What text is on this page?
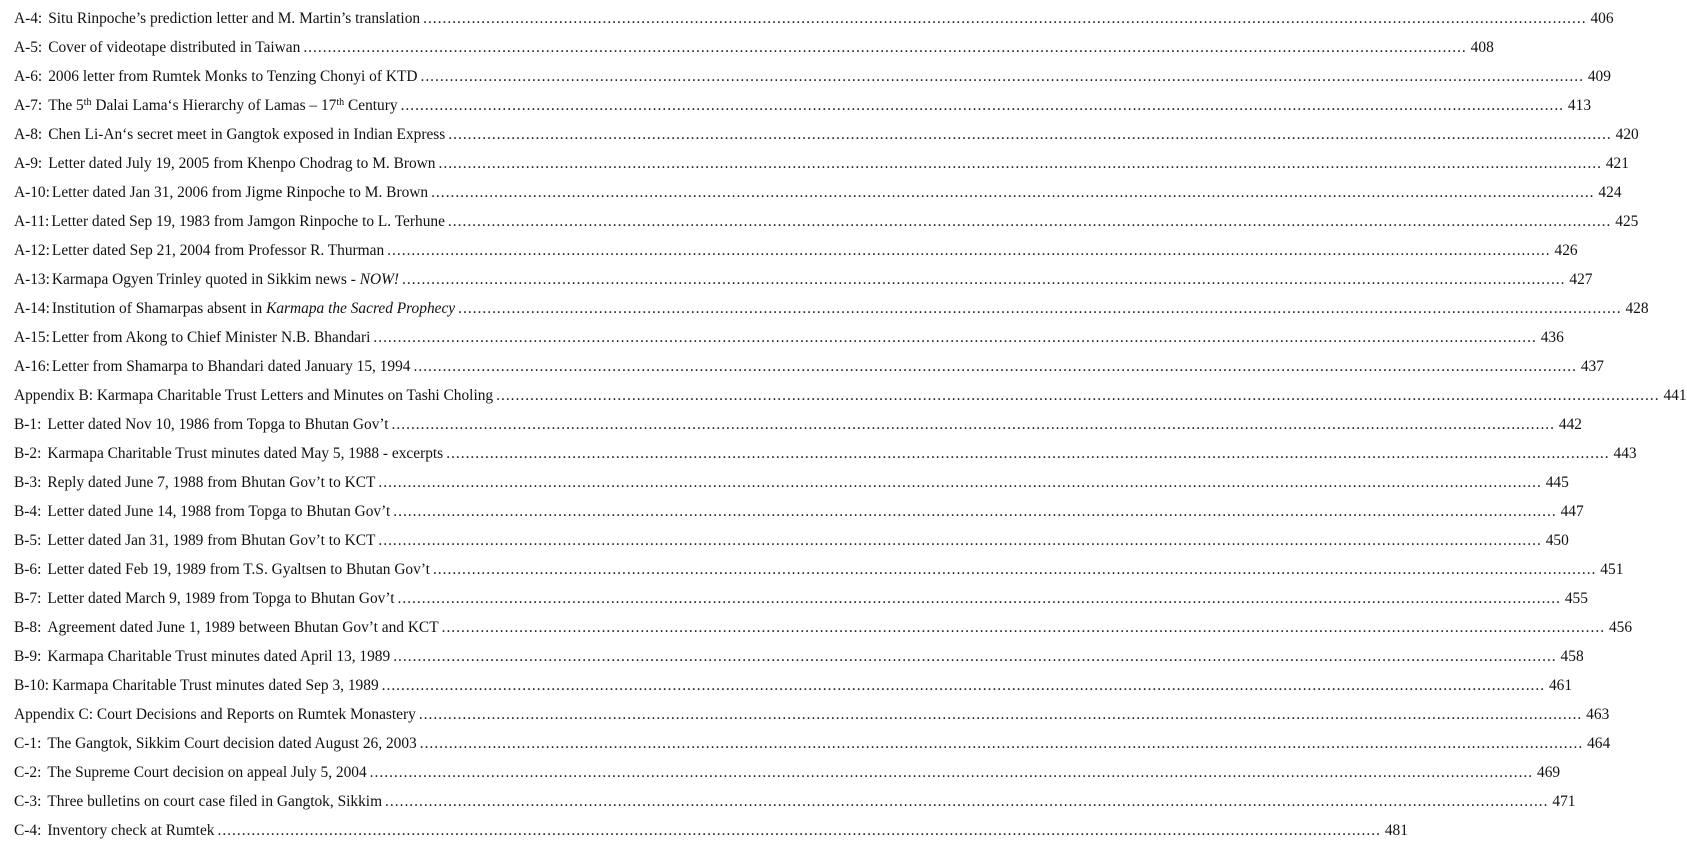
A-4: Situ Rinpoche’s prediction letter and M. Martin’s translation .....	406
A-5: Cover of videotape distributed in Taiwan .....	408
A-6: 2006 letter from Rumtek Monks to Tenzing Chonyi of KTD .....	409
A-7: The 5th Dalai Lama‘s Hierarchy of Lamas – 17th Century .....	413
A-8: Chen Li-An‘s secret meet in Gangtok exposed in Indian Express .....	420
A-9: Letter dated July 19, 2005 from Khenpo Chodrag to M. Brown .....	421
A-10: Letter dated Jan 31, 2006 from Jigme Rinpoche to M. Brown .....	424
A-11: Letter dated Sep 19, 1983 from Jamgon Rinpoche to L. Terhune .....	425
A-12: Letter dated Sep 21, 2004 from Professor R. Thurman .....	426
A-13: Karmapa Ogyen Trinley quoted in Sikkim news - NOW! .....	427
A-14: Institution of Shamarpas absent in Karmapa the Sacred Prophecy .....	428
A-15: Letter from Akong to Chief Minister N.B. Bhandari .....	436
A-16: Letter from Shamarpa to Bhandari dated January 15, 1994 .....	437
Appendix B: Karmapa Charitable Trust Letters and Minutes on Tashi Choling .....	441
B-1: Letter dated Nov 10, 1986 from Topga to Bhutan Gov’t .....	442
B-2: Karmapa Charitable Trust minutes dated May 5, 1988 - excerpts .....	443
B-3: Reply dated June 7, 1988 from Bhutan Gov’t to KCT .....	445
B-4: Letter dated June 14, 1988 from Topga to Bhutan Gov’t .....	447
B-5: Letter dated Jan 31, 1989 from Bhutan Gov’t to KCT .....	450
B-6: Letter dated Feb 19, 1989 from T.S. Gyaltsen to Bhutan Gov’t .....	451
B-7: Letter dated March 9, 1989 from Topga to Bhutan Gov’t .....	455
B-8: Agreement dated June 1, 1989 between Bhutan Gov’t and KCT .....	456
B-9: Karmapa Charitable Trust minutes dated April 13, 1989 .....	458
B-10: Karmapa Charitable Trust minutes dated Sep 3, 1989 .....	461
Appendix C: Court Decisions and Reports on Rumtek Monastery .....	463
C-1: The Gangtok, Sikkim Court decision dated August 26, 2003 .....	464
C-2: The Supreme Court decision on appeal July 5, 2004 .....	469
C-3: Three bulletins on court case filed in Gangtok, Sikkim .....	471
C-4: Inventory check at Rumtek .....	481
